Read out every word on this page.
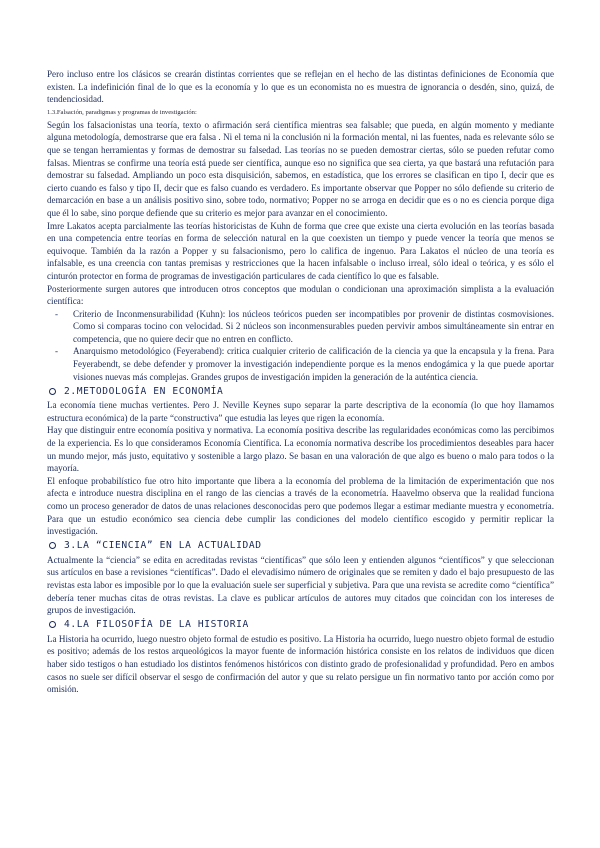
Pero incluso entre los clásicos se crearán distintas corrientes que se reflejan en el hecho de las distintas definiciones de Economía que existen. La indefinición final de lo que es la economía y lo que es un economista no es muestra de ignorancia o desdén, sino, quizá, de tendenciosidad.

1.3.Falsación, paradigmas y programas de investigación:

Según los falsacionistas una teoría, texto o afirmación será científica mientras sea falsable; que pueda, en algún momento y mediante alguna metodología, demostrarse que era falsa . Ni el tema ni la conclusión ni la formación mental, ni las fuentes, nada es relevante sólo se que se tengan herramientas y formas de demostrar su falsedad. Las teorías no se pueden demostrar ciertas, sólo se pueden refutar como falsas. Mientras se confirme una teoría está puede ser científica, aunque eso no significa que sea cierta, ya que bastará una refutación para demostrar su falsedad. Ampliando un poco esta disquisición, sabemos, en estadística, que los errores se clasifican en tipo I, decir que es cierto cuando es falso y tipo II, decir que es falso cuando es verdadero. Es importante observar que Popper no sólo defiende su criterio de demarcación en base a un análisis positivo sino, sobre todo, normativo; Popper no se arroga en decidir que es o no es ciencia porque diga que él lo sabe, sino porque defiende que su criterio es mejor para avanzar en el conocimiento.

Imre Lakatos acepta parcialmente las teorías historicistas de Kuhn de forma que cree que existe una cierta evolución en las teorías basada en una competencia entre teorías en forma de selección natural en la que coexisten un tiempo y puede vencer la teoría que menos se equivoque. También da la razón a Popper y su falsacionismo, pero lo califica de ingenuo. Para Lakatos el núcleo de una teoría es infalsable, es una creencia con tantas premisas y restricciones que la hacen infalsable o incluso irreal, sólo ideal o teórica, y es sólo el cinturón protector en forma de programas de investigación particulares de cada científico lo que es falsable.

Posteriormente surgen autores que introducen otros conceptos que modulan o condicionan una aproximación simplista a la evaluación científica:

- Criterio de Inconmensurabilidad (Kuhn): los núcleos teóricos pueden ser incompatibles por provenir de distintas cosmovisiones. Como si comparas tocino con velocidad. Si 2 núcleos son inconmensurables pueden pervivir ambos simultáneamente sin entrar en competencia, que no quiere decir que no entren en conflicto.
- Anarquismo metodológico (Feyerabend): critica cualquier criterio de calificación de la ciencia ya que la encapsula y la frena. Para Feyerabendt, se debe defender y promover la investigación independiente porque es la menos endogámica y la que puede aportar visiones nuevas más complejas. Grandes grupos de investigación impiden la generación de la auténtica ciencia.
2.METODOLOGÍA EN ECONOMÍA

La economía tiene muchas vertientes. Pero J. Neville Keynes supo separar la parte descriptiva de la economía (lo que hoy llamamos estructura económica) de la parte “constructiva” que estudia las leyes que rigen la economía.

Hay que distinguir entre economía positiva y normativa. La economía positiva describe las regularidades económicas como las percibimos de la experiencia. Es lo que consideramos Economía Científica. La economía normativa describe los procedimientos deseables para hacer un mundo mejor, más justo, equitativo y sostenible a largo plazo. Se basan en una valoración de que algo es bueno o malo para todos o la mayoría.

El enfoque probabilístico fue otro hito importante que libera a la economía del problema de la limitación de experimentación que nos afecta e introduce nuestra disciplina en el rango de las ciencias a través de la econometría. Haavelmo observa que la realidad funciona como un proceso generador de datos de unas relaciones desconocidas pero que podemos llegar a estimar mediante muestra y econometría. Para que un estudio económico sea ciencia debe cumplir las condiciones del modelo científico escogido y permitir replicar la investigación.

3.LA “CIENCIA” EN LA ACTUALIDAD

Actualmente la “ciencia” se edita en acreditadas revistas “científicas” que sólo leen y entienden algunos “científicos” y que seleccionan sus artículos en base a revisiones “científicas”. Dado el elevadísimo número de originales que se remiten y dado el bajo presupuesto de las revistas esta labor es imposible por lo que la evaluación suele ser superficial y subjetiva. Para que una revista se acredite como “científica” debería tener muchas citas de otras revistas. La clave es publicar artículos de autores muy citados que coincidan con los intereses de grupos de investigación.

4.LA FILOSOFÍA DE LA HISTORIA

La Historia ha ocurrido, luego nuestro objeto formal de estudio es positivo. La Historia ha ocurrido, luego nuestro objeto formal de estudio es positivo; además de los restos arqueológicos la mayor fuente de información histórica consiste en los relatos de individuos que dicen haber sido testigos o han estudiado los distintos fenómenos históricos con distinto grado de profesionalidad y profundidad. Pero en ambos casos no suele ser difícil observar el sesgo de confirmación del autor y que su relato persigue un fin normativo tanto por acción como por omisión.
